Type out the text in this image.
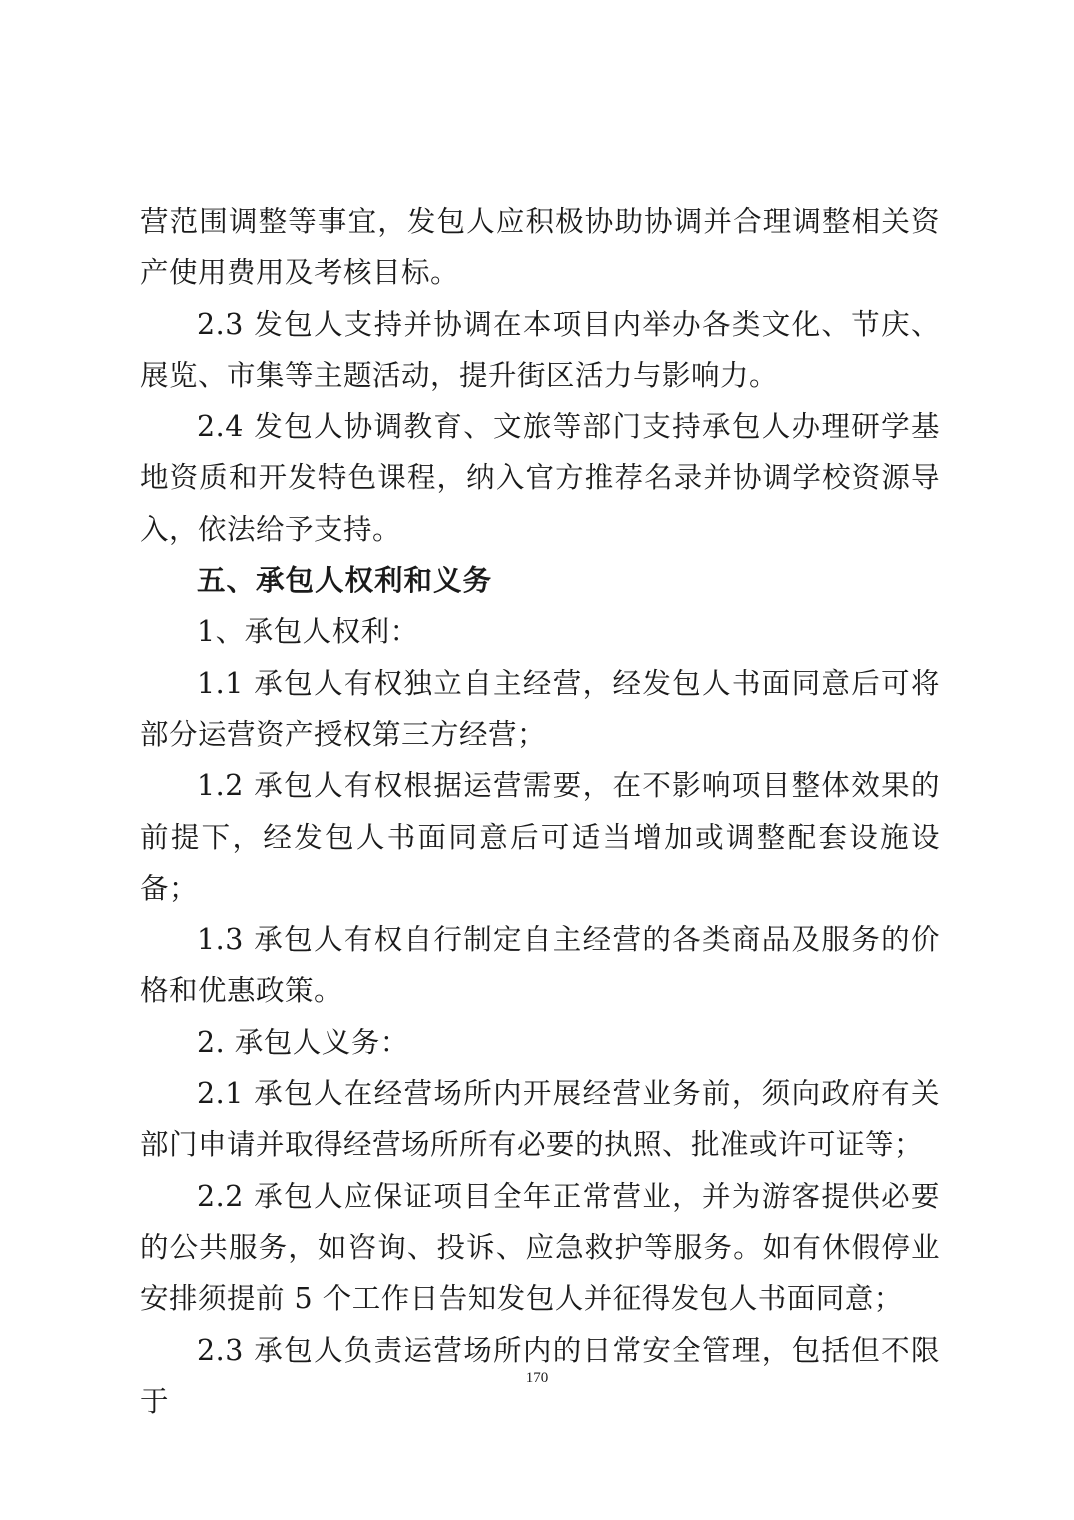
营范围调整等事宜，发包人应积极协助协调并合理调整相关资产使用费用及考核目标。

2.3 发包人支持并协调在本项目内举办各类文化、节庆、展览、市集等主题活动，提升街区活力与影响力。

2.4 发包人协调教育、文旅等部门支持承包人办理研学基地资质和开发特色课程，纳入官方推荐名录并协调学校资源导入，依法给予支持。

五、承包人权利和义务

1、承包人权利：

1.1 承包人有权独立自主经营，经发包人书面同意后可将部分运营资产授权第三方经营；

1.2 承包人有权根据运营需要，在不影响项目整体效果的前提下，经发包人书面同意后可适当增加或调整配套设施设备；

1.3 承包人有权自行制定自主经营的各类商品及服务的价格和优惠政策。

2. 承包人义务：

2.1 承包人在经营场所内开展经营业务前，须向政府有关部门申请并取得经营场所所有必要的执照、批准或许可证等；

2.2 承包人应保证项目全年正常营业，并为游客提供必要的公共服务，如咨询、投诉、应急救护等服务。如有休假停业安排须提前 5 个工作日告知发包人并征得发包人书面同意；

2.3 承包人负责运营场所内的日常安全管理，包括但不限于

170
